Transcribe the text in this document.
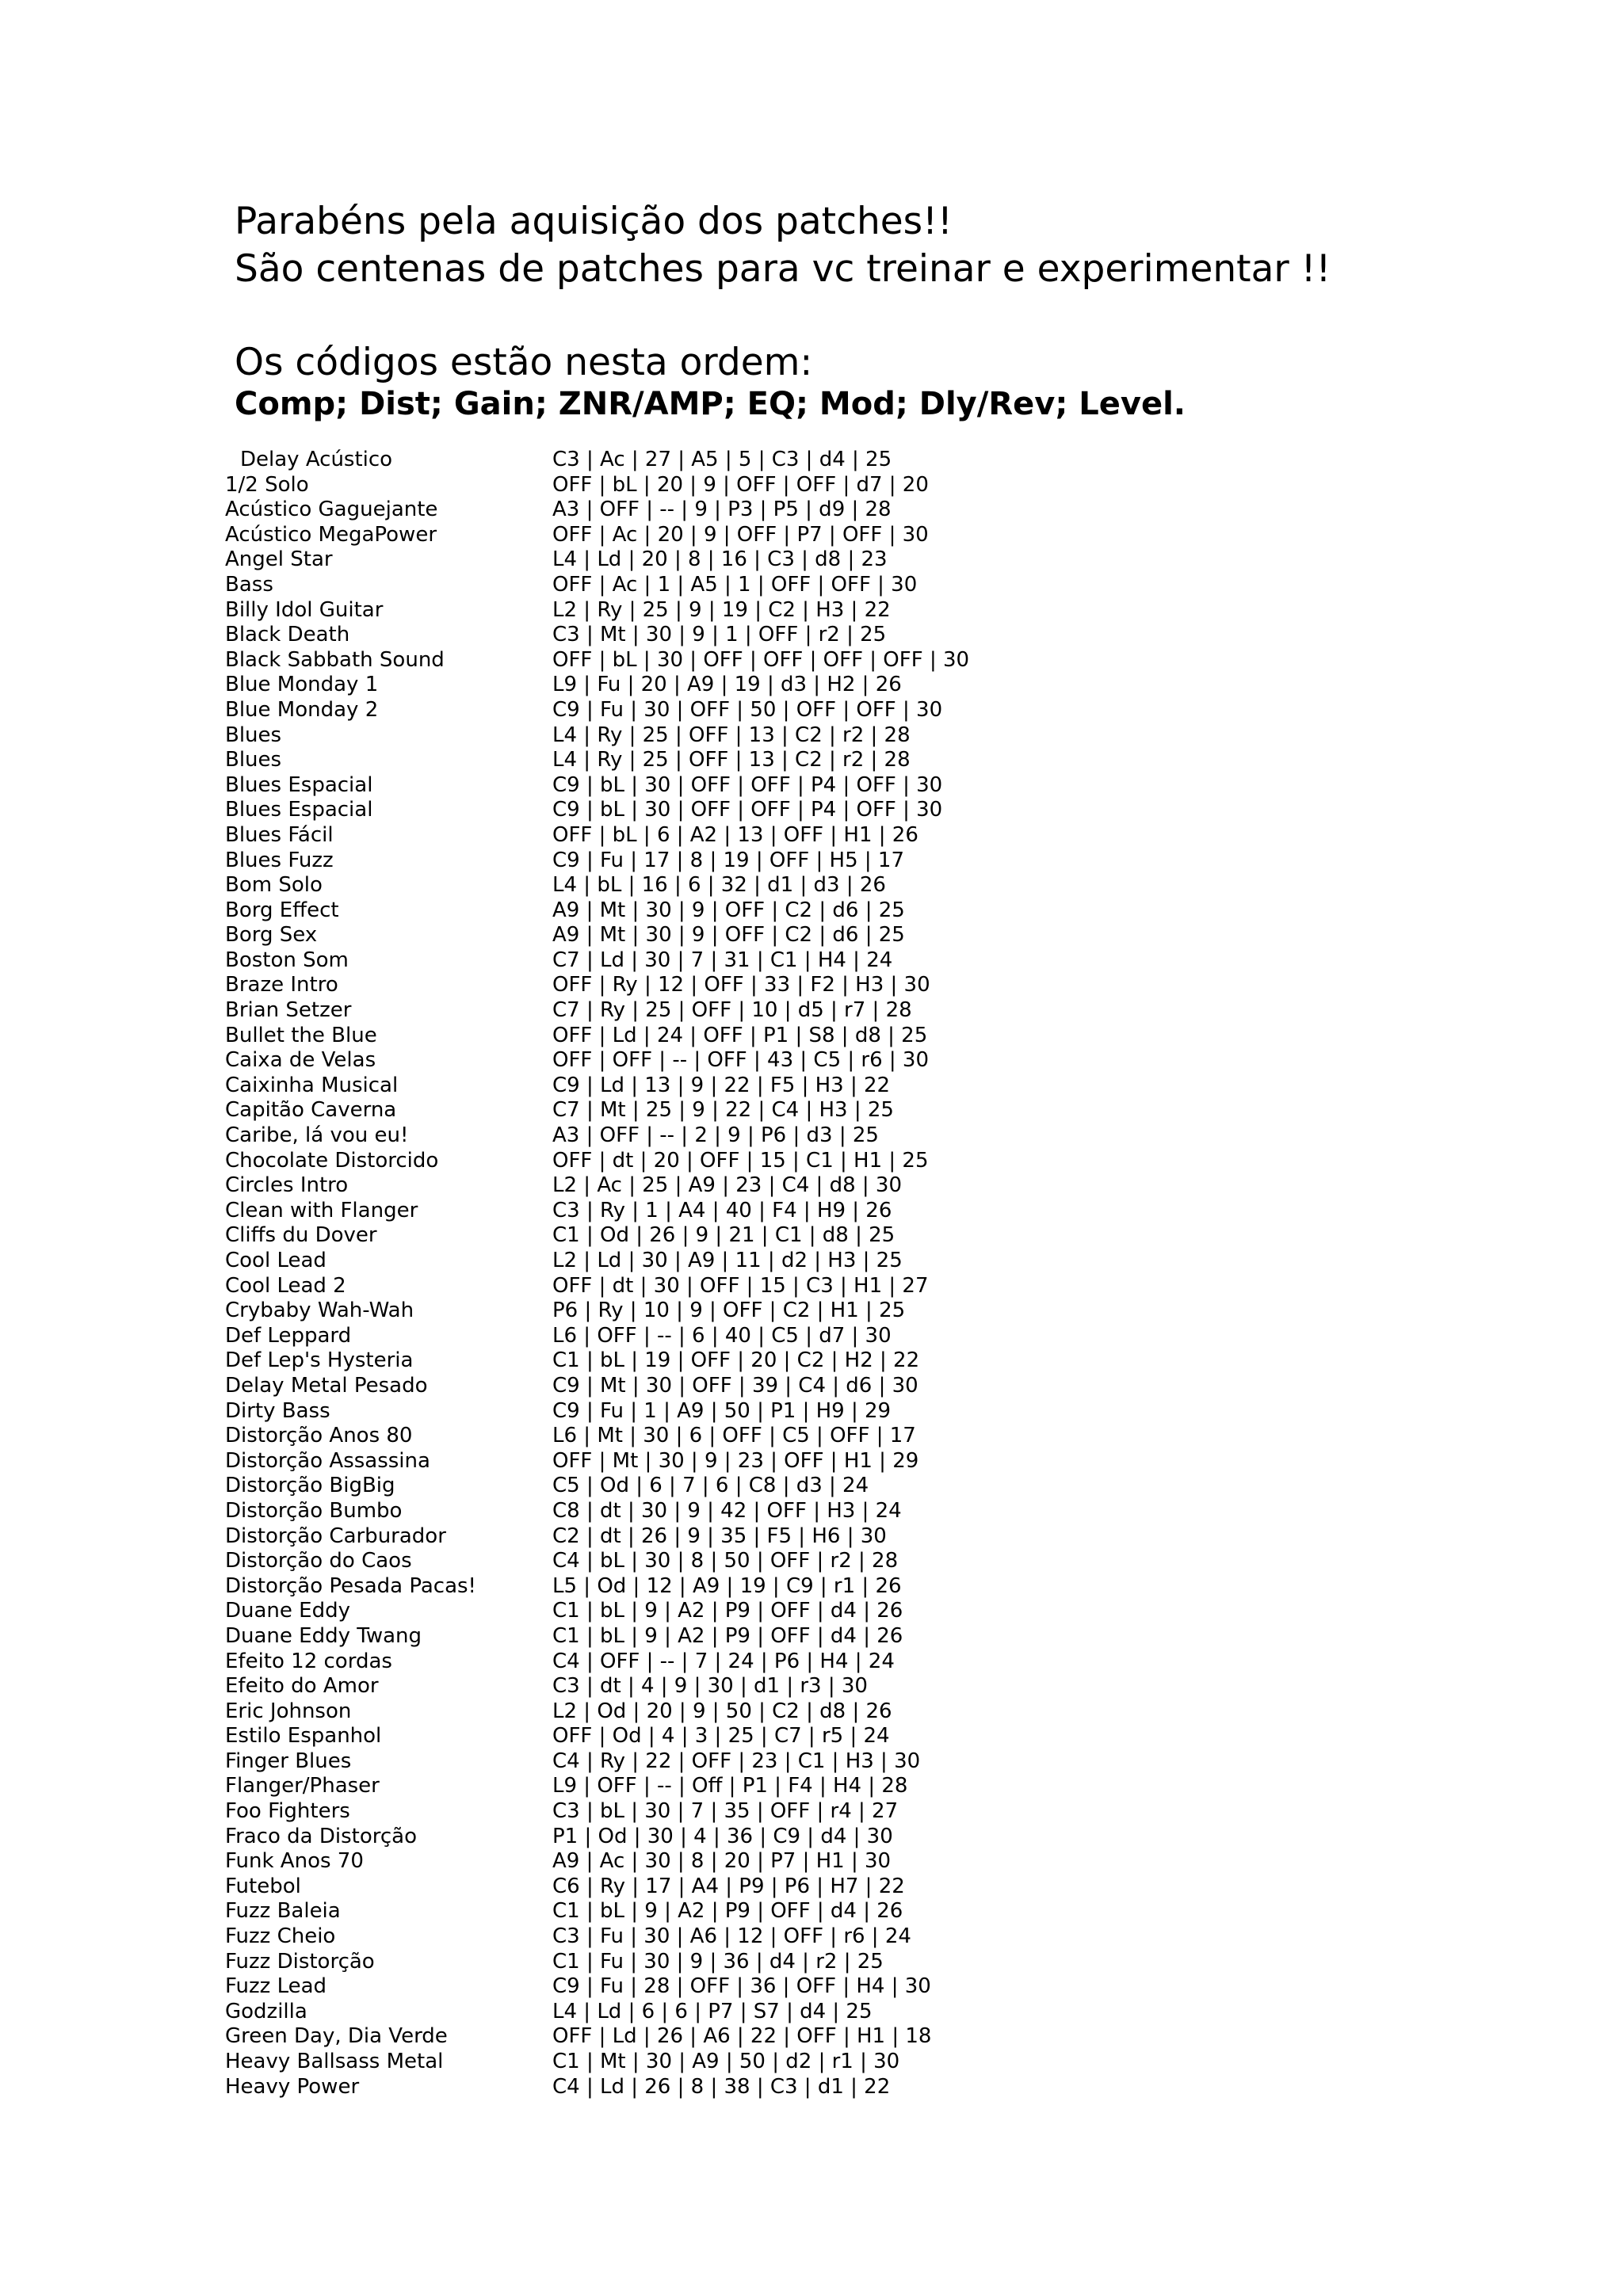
Parabéns pela aquisição dos patches!!
São centenas de patches para vc treinar e experimentar !!
Os códigos estão nesta ordem:
Comp; Dist; Gain; ZNR/AMP; EQ; Mod; Dly/Rev; Level.
Delay Acústico	C3 | Ac | 27 | A5 | 5 | C3 | d4 | 25
1/2 Solo	OFF | bL | 20 | 9 | OFF | OFF | d7 | 20
Acústico Gaguejante	A3 | OFF | -- | 9 | P3 | P5 | d9 | 28
Acústico MegaPower	OFF | Ac | 20 | 9 | OFF | P7 | OFF | 30
Angel Star	L4 | Ld | 20 | 8 | 16 | C3 | d8 | 23
Bass	OFF | Ac | 1 | A5 | 1 | OFF | OFF | 30
Billy Idol Guitar	L2 | Ry | 25 | 9 | 19 | C2 | H3 | 22
Black Death	C3 | Mt | 30 | 9 | 1 | OFF | r2 | 25
Black Sabbath Sound	OFF | bL | 30 | OFF | OFF | OFF | OFF | 30
Blue Monday 1	L9 | Fu | 20 | A9 | 19 | d3 | H2 | 26
Blue Monday 2	C9 | Fu | 30 | OFF | 50 | OFF | OFF | 30
Blues	L4 | Ry | 25 | OFF | 13 | C2 | r2 | 28
Blues	L4 | Ry | 25 | OFF | 13 | C2 | r2 | 28
Blues Espacial	C9 | bL | 30 | OFF | OFF | P4 | OFF | 30
Blues Espacial	C9 | bL | 30 | OFF | OFF | P4 | OFF | 30
Blues Fácil	OFF | bL | 6 | A2 | 13 | OFF | H1 | 26
Blues Fuzz	C9 | Fu | 17 | 8 | 19 | OFF | H5 | 17
Bom Solo	L4 | bL | 16 | 6 | 32 | d1 | d3 | 26
Borg Effect	A9 | Mt | 30 | 9 | OFF | C2 | d6 | 25
Borg Sex	A9 | Mt | 30 | 9 | OFF | C2 | d6 | 25
Boston Som	C7 | Ld | 30 | 7 | 31 | C1 | H4 | 24
Braze Intro	OFF | Ry | 12 | OFF | 33 | F2 | H3 | 30
Brian Setzer	C7 | Ry | 25 | OFF | 10 | d5 | r7 | 28
Bullet the Blue	OFF | Ld | 24 | OFF | P1 | S8 | d8 | 25
Caixa de Velas	OFF | OFF | -- | OFF | 43 | C5 | r6 | 30
Caixinha Musical	C9 | Ld | 13 | 9 | 22 | F5 | H3 | 22
Capitão Caverna	C7 | Mt | 25 | 9 | 22 | C4 | H3 | 25
Caribe, lá vou eu!	A3 | OFF | -- | 2 | 9 | P6 | d3 | 25
Chocolate Distorcido	OFF | dt | 20 | OFF | 15 | C1 | H1 | 25
Circles Intro	L2 | Ac | 25 | A9 | 23 | C4 | d8 | 30
Clean with Flanger	C3 | Ry | 1 | A4 | 40 | F4 | H9 | 26
Cliffs du Dover	C1 | Od | 26 | 9 | 21 | C1 | d8 | 25
Cool Lead	L2 | Ld | 30 | A9 | 11 | d2 | H3 | 25
Cool Lead 2	OFF | dt | 30 | OFF | 15 | C3 | H1 | 27
Crybaby Wah-Wah	P6 | Ry | 10 | 9 | OFF | C2 | H1 | 25
Def Leppard	L6 | OFF | -- | 6 | 40 | C5 | d7 | 30
Def Lep's Hysteria	C1 | bL | 19 | OFF | 20 | C2 | H2 | 22
Delay Metal Pesado	C9 | Mt | 30 | OFF | 39 | C4 | d6 | 30
Dirty Bass	C9 | Fu | 1 | A9 | 50 | P1 | H9 | 29
Distorção Anos 80	L6 | Mt | 30 | 6 | OFF | C5 | OFF | 17
Distorção Assassina	OFF | Mt | 30 | 9 | 23 | OFF | H1 | 29
Distorção BigBig	C5 | Od | 6 | 7 | 6 | C8 | d3 | 24
Distorção Bumbo	C8 | dt | 30 | 9 | 42 | OFF | H3 | 24
Distorção Carburador	C2 | dt | 26 | 9 | 35 | F5 | H6 | 30
Distorção do Caos	C4 | bL | 30 | 8 | 50 | OFF | r2 | 28
Distorção Pesada Pacas!	L5 | Od | 12 | A9 | 19 | C9 | r1 | 26
Duane Eddy	C1 | bL | 9 | A2 | P9 | OFF | d4 | 26
Duane Eddy Twang	C1 | bL | 9 | A2 | P9 | OFF | d4 | 26
Efeito 12 cordas	C4 | OFF | -- | 7 | 24 | P6 | H4 | 24
Efeito do Amor	C3 | dt | 4 | 9 | 30 | d1 | r3 | 30
Eric Johnson	L2 | Od | 20 | 9 | 50 | C2 | d8 | 26
Estilo Espanhol	OFF | Od | 4 | 3 | 25 | C7 | r5 | 24
Finger Blues	C4 | Ry | 22 | OFF | 23 | C1 | H3 | 30
Flanger/Phaser	L9 | OFF | -- | Off | P1 | F4 | H4 | 28
Foo Fighters	C3 | bL | 30 | 7 | 35 | OFF | r4 | 27
Fraco da Distorção	P1 | Od | 30 | 4 | 36 | C9 | d4 | 30
Funk Anos 70	A9 | Ac | 30 | 8 | 20 | P7 | H1 | 30
Futebol	C6 | Ry | 17 | A4 | P9 | P6 | H7 | 22
Fuzz Baleia	C1 | bL | 9 | A2 | P9 | OFF | d4 | 26
Fuzz Cheio	C3 | Fu | 30 | A6 | 12 | OFF | r6 | 24
Fuzz Distorção	C1 | Fu | 30 | 9 | 36 | d4 | r2 | 25
Fuzz Lead	C9 | Fu | 28 | OFF | 36 | OFF | H4 | 30
Godzilla	L4 | Ld | 6 | 6 | P7 | S7 | d4 | 25
Green Day, Dia Verde	OFF | Ld | 26 | A6 | 22 | OFF | H1 | 18
Heavy Ballsass Metal	C1 | Mt | 30 | A9 | 50 | d2 | r1 | 30
Heavy Power	C4 | Ld | 26 | 8 | 38 | C3 | d1 | 22
